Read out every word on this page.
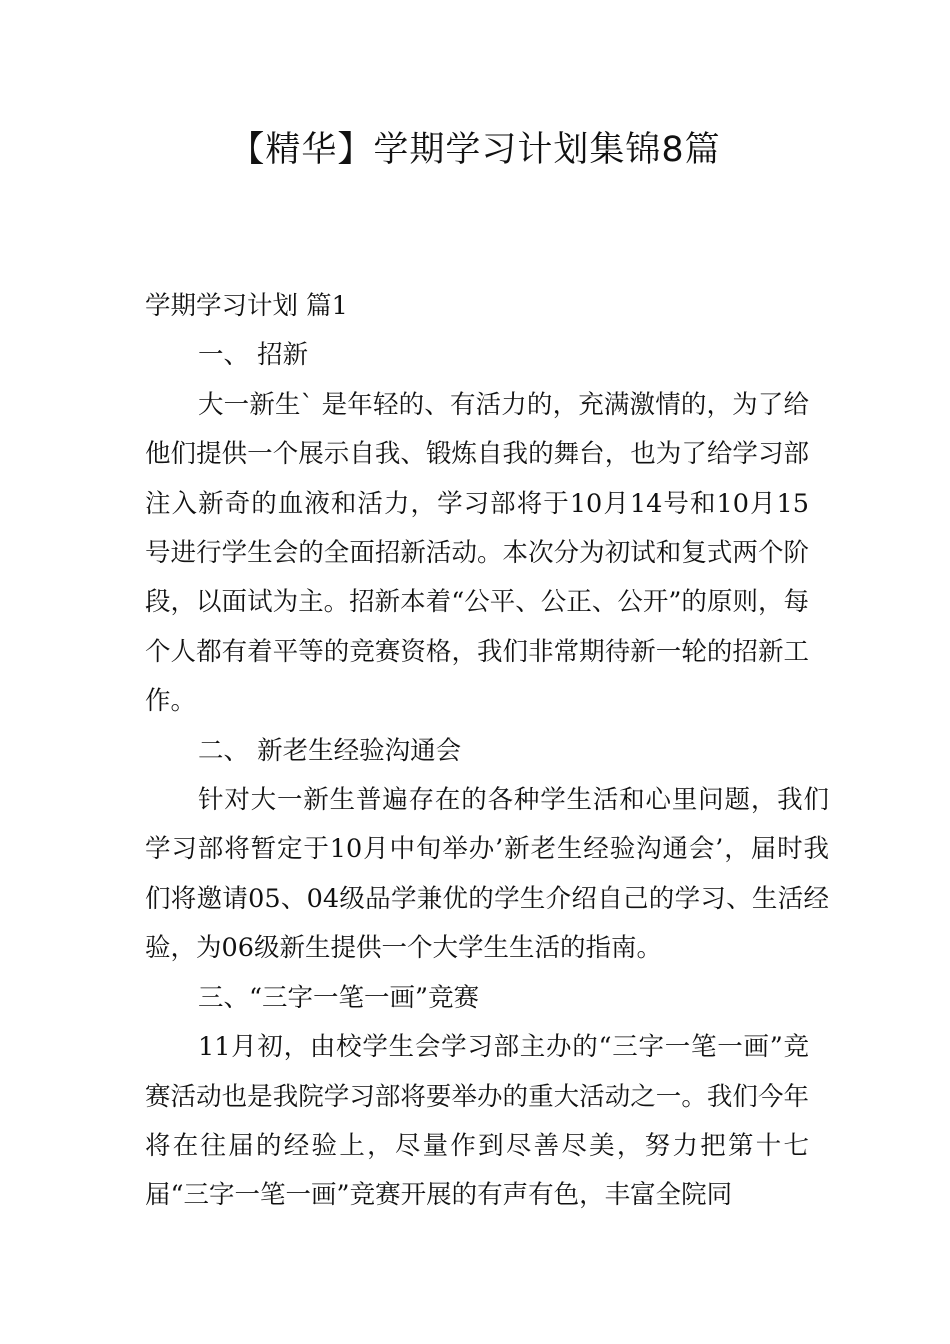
【精华】学期学习计划集锦8篇

学期学习计划 篇1

一、 招新

大一新生` 是年轻的、有活力的，充满激情的，为了给他们提供一个展示自我、锻炼自我的舞台，也为了给学习部注入新奇的血液和活力，学习部将于10月14号和10月15号进行学生会的全面招新活动。本次分为初试和复式两个阶段，以面试为主。招新本着“公平、公正、公开”的原则，每个人都有着平等的竞赛资格，我们非常期待新一轮的招新工作。

二、 新老生经验沟通会

针对大一新生普遍存在的各种学生活和心里问题，我们学习部将暂定于10月中旬举办’新老生经验沟通会’，届时我们将邀请05、04级品学兼优的学生介绍自己的学习、生活经验，为06级新生提供一个大学生生活的指南。

三、“三字一笔一画”竞赛

11月初，由校学生会学习部主办的“三字一笔一画”竞赛活动也是我院学习部将要举办的重大活动之一。我们今年将在往届的经验上，尽量作到尽善尽美，努力把第十七届“三字一笔一画”竞赛开展的有声有色，丰富全院同
